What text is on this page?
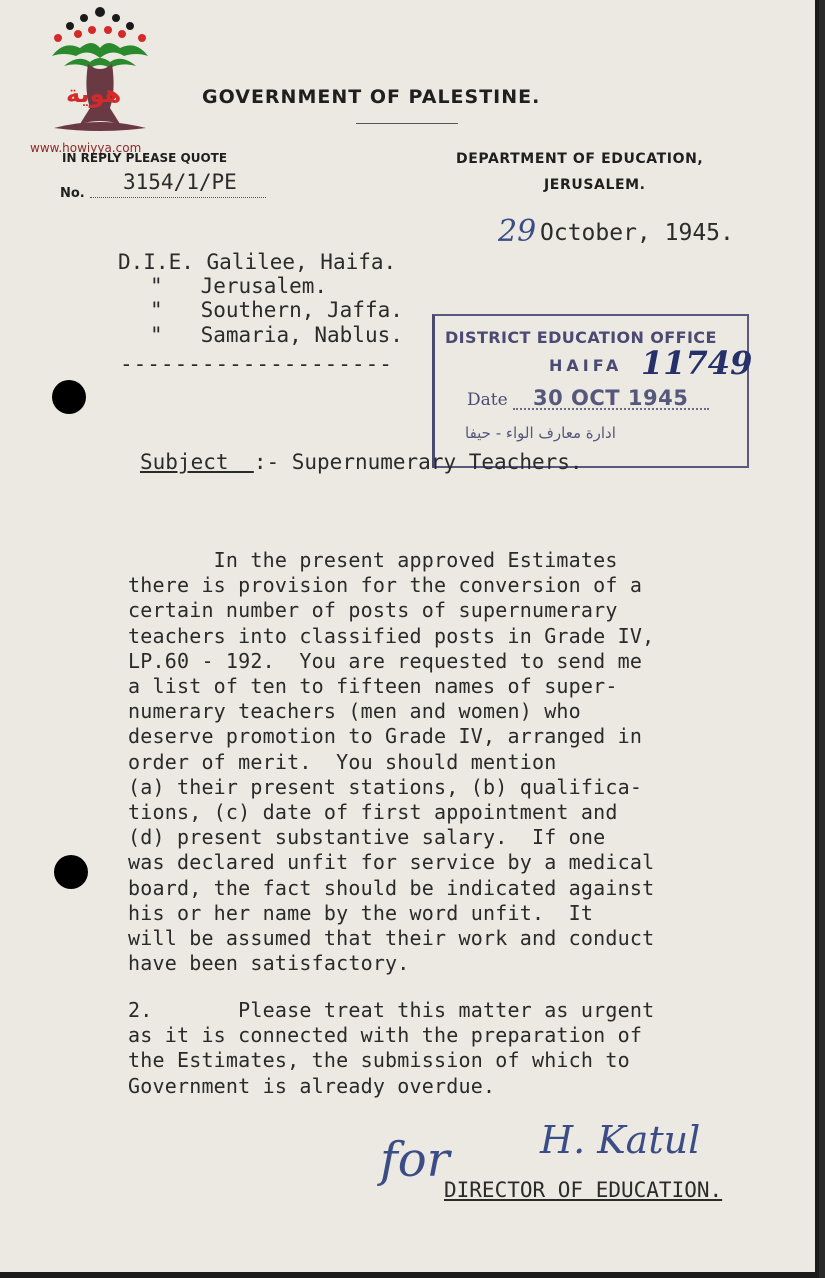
هوية
www.howiyya.com
GOVERNMENT OF PALESTINE.
IN REPLY PLEASE QUOTE
No. 3154/1/PE
DEPARTMENT OF EDUCATION,
JERUSALEM.
29 October, 1945.
D.I.E. Galilee, Haifa.
" Jerusalem.
" Southern, Jaffa.
" Samaria, Nablus.
--------------------
DISTRICT EDUCATION OFFICE
HAIFA 11749
Date 30 OCT 1945
ادارة معارف الواء - حيفا
Subject :- Supernumerary Teachers.
In the present approved Estimates
there is provision for the conversion of a
certain number of posts of supernumerary
teachers into classified posts in Grade IV,
LP.60 - 192.  You are requested to send me
a list of ten to fifteen names of super-
numerary teachers (men and women) who
deserve promotion to Grade IV, arranged in
order of merit.  You should mention
(a) their present stations, (b) qualifica-
tions, (c) date of first appointment and
(d) present substantive salary.  If one
was declared unfit for service by a medical
board, the fact should be indicated against
his or her name by the word unfit.  It
will be assumed that their work and conduct
have been satisfactory.
2.       Please treat this matter as urgent
as it is connected with the preparation of
the Estimates, the submission of which to
Government is already overdue.
for H. Katul
DIRECTOR OF EDUCATION.
